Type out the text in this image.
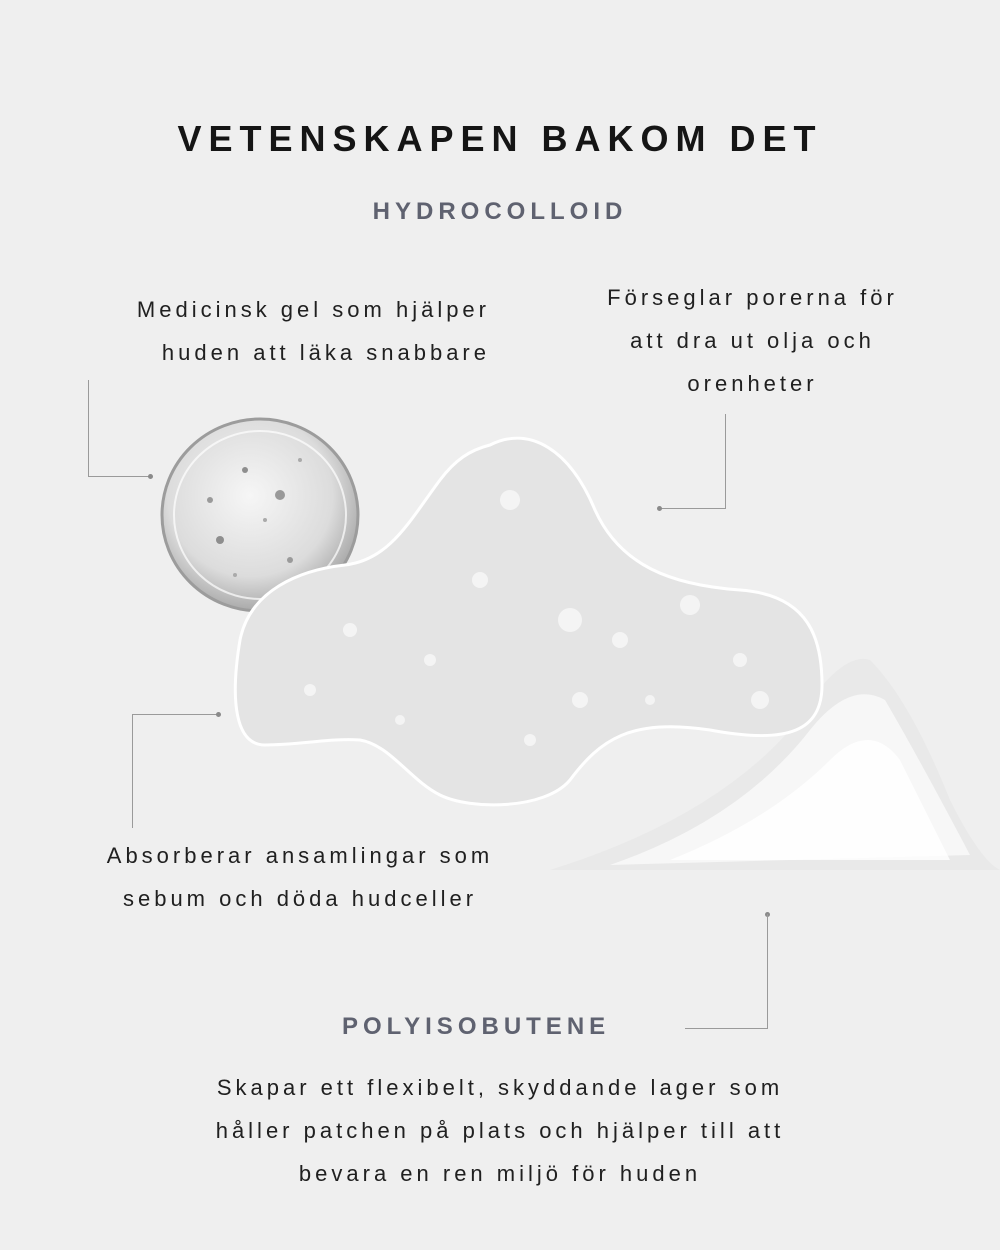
VETENSKAPEN BAKOM DET
HYDROCOLLOID
Medicinsk gel som hjälper
huden att läka snabbare
Förseglar porerna för
att dra ut olja och
orenheter
Absorberar ansamlingar som
sebum och döda hudceller
POLYISOBUTENE
Skapar ett flexibelt, skyddande lager som
håller patchen på plats och hjälper till att
bevara en ren miljö för huden
